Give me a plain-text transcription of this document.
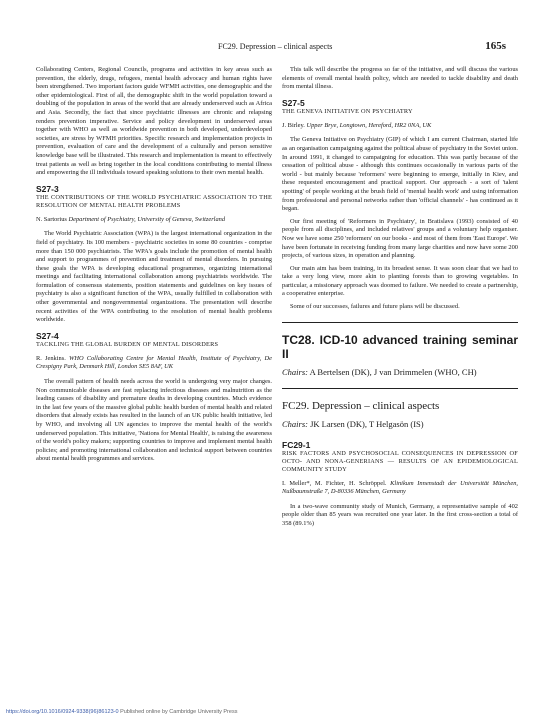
FC29. Depression – clinical aspects	165s

Collaborating Centers, Regional Councils, programs and activities in key areas such as prevention, the elderly, drugs, refugees, mental health advocacy and human rights have been strengthened. Two important factors guide WFMH activities, one demographic and the other epidemiological. First of all, the demographic shift in the world population toward a doubling of the population in areas of the world that are already underserved such as Africa and Asia. Secondly, the fact that since psychiatric illnesses are chronic and relapsing renders prevention imperative. Service and policy development in underserved areas together with WHO as well as worldwide prevention in both developed, underdeveloped societies, are stress by WFMH priorities. Specific research and implementation projects in prevention, evaluation of care and the development of a culturally and person sensitive knowledge base will be illustrated. This research and implementation is meant to effectively treat patients as well as bring together in the local conditions contributing to mental illness and empowering the ill individuals toward speaking solutions to their own mental health.

S27-3
THE CONTRIBUTIONS OF THE WORLD PSYCHIATRIC ASSOCIATION TO THE RESOLUTION OF MENTAL HEALTH PROBLEMS
N. Sartorius Department of Psychiatry, University of Geneva, Switzerland

The World Psychiatric Association (WPA) is the largest international organization in the field of psychiatry. Its 100 members - psychiatric societies in some 80 countries - comprise more than 150 000 psychiatrists. The WPA's goals include the promotion of mental health and support to programmes of prevention and treatment of mental disorders. In pursuing these goals the WPA is developing educational programmes, organizing international meetings and facilitating international collaboration among psychiatrists worldwide. The formulation of consensus statements, position statements and guidelines on key issues of psychiatry is also a significant function of the WPA, usually fulfilled in collaboration with other governmental and nongovernmental organizations. The presentation will describe recent activities of the WPA contributing to the resolution of mental health problems worldwide.

S27-4
TACKLING THE GLOBAL BURDEN OF MENTAL DISORDERS
R. Jenkins. WHO Collaborating Centre for Mental Health, Institute of Psychiatry, De Crespigny Park, Denmark Hill, London SE5 8AF, UK

The overall pattern of health needs across the world is undergoing very major changes. Non communicable diseases are fast replacing infectious diseases and malnutrition as the leading causes of disability and premature deaths in developing countries. Much evidence in the last few years of the massive global public health burden of mental health and related disorders that already exists has resulted in the launch of an UK public health initiative, led by WHO, and involving all UN agencies to improve the mental health of the world's underserved population. This initiative, 'Nations for Mental Health', is raising the awareness of the world's policy makers; supporting countries to improve and implement mental health policies; and promoting international collaboration and technical support between countries about mental health programmes and services.

This talk will describe the progress so far of the initiative, and will discuss the various elements of overall mental health policy, which are needed to tackle disability and death from mental illness.

S27-5
THE GENEVA INITIATIVE ON PSYCHIATRY
J. Birley. Upper Brye, Longtown, Hereford, HR2 0NA, UK

The Geneva Initiative on Psychiatry (GIP) of which I am current Chairman, started life as an organisation campaigning against the political abuse of psychiatry in the Soviet union. In around 1991, it changed to campaigning for education. This was partly because of the cessation of political abuse - although this continues occasionally in various parts of the world - but mainly because 'reformers' were beginning to emerge, initially in Kiev, and these requested encouragement and practical support. Our approach - a sort of 'talent spotting' of people working at the brush field of 'mental health work' and using information from professional and personal networks rather than 'official channels' - has continued as it began.

Our first meeting of 'Reformers in Psychiatry', in Bratislava (1993) consisted of 40 people from all disciplines, and included relatives' groups and a voluntary help organiser. Now we have some 250 'reformers' on our books - and most of them from 'East Europe'. We have been fortunate in receiving funding from many large charities and now have some 200 projects, of various sizes, in operation and planning.

Our main aim has been training, in its broadest sense. It was soon clear that we had to take a very long view, more akin to planting forests than to growing vegetables. In particular, a missionary approach was doomed to failure. We needed to create a partnership, a cooperative enterprise.

Some of our successes, failures and future plans will be discussed.

TC28. ICD-10 advanced training seminar II
Chairs: A Bertelsen (DK), J van Drimmelen (WHO, CH)
FC29. Depression – clinical aspects
Chairs: JK Larsen (DK), T Helgasön (IS)
FC29-1
RISK FACTORS AND PSYCHOSOCIAL CONSEQUENCES IN DEPRESSION OF OCTO- AND NONA-GENERIANS — RESULTS OF AN EPIDEMIOLOGICAL COMMUNITY STUDY
I. Meller*, M. Fichter, H. Schröppel. Klinikum Innenstadt der Universität München, Nußbaumstraße 7, D-80336 München, Germany

In a two-wave community study of Munich, Germany, a representative sample of 402 people older than 85 years was recruited one year later. In the first cross-section a total of 358 (89.1%)

https://doi.org/10.1016/0924-9338(96)86123-0 Published online by Cambridge University Press
